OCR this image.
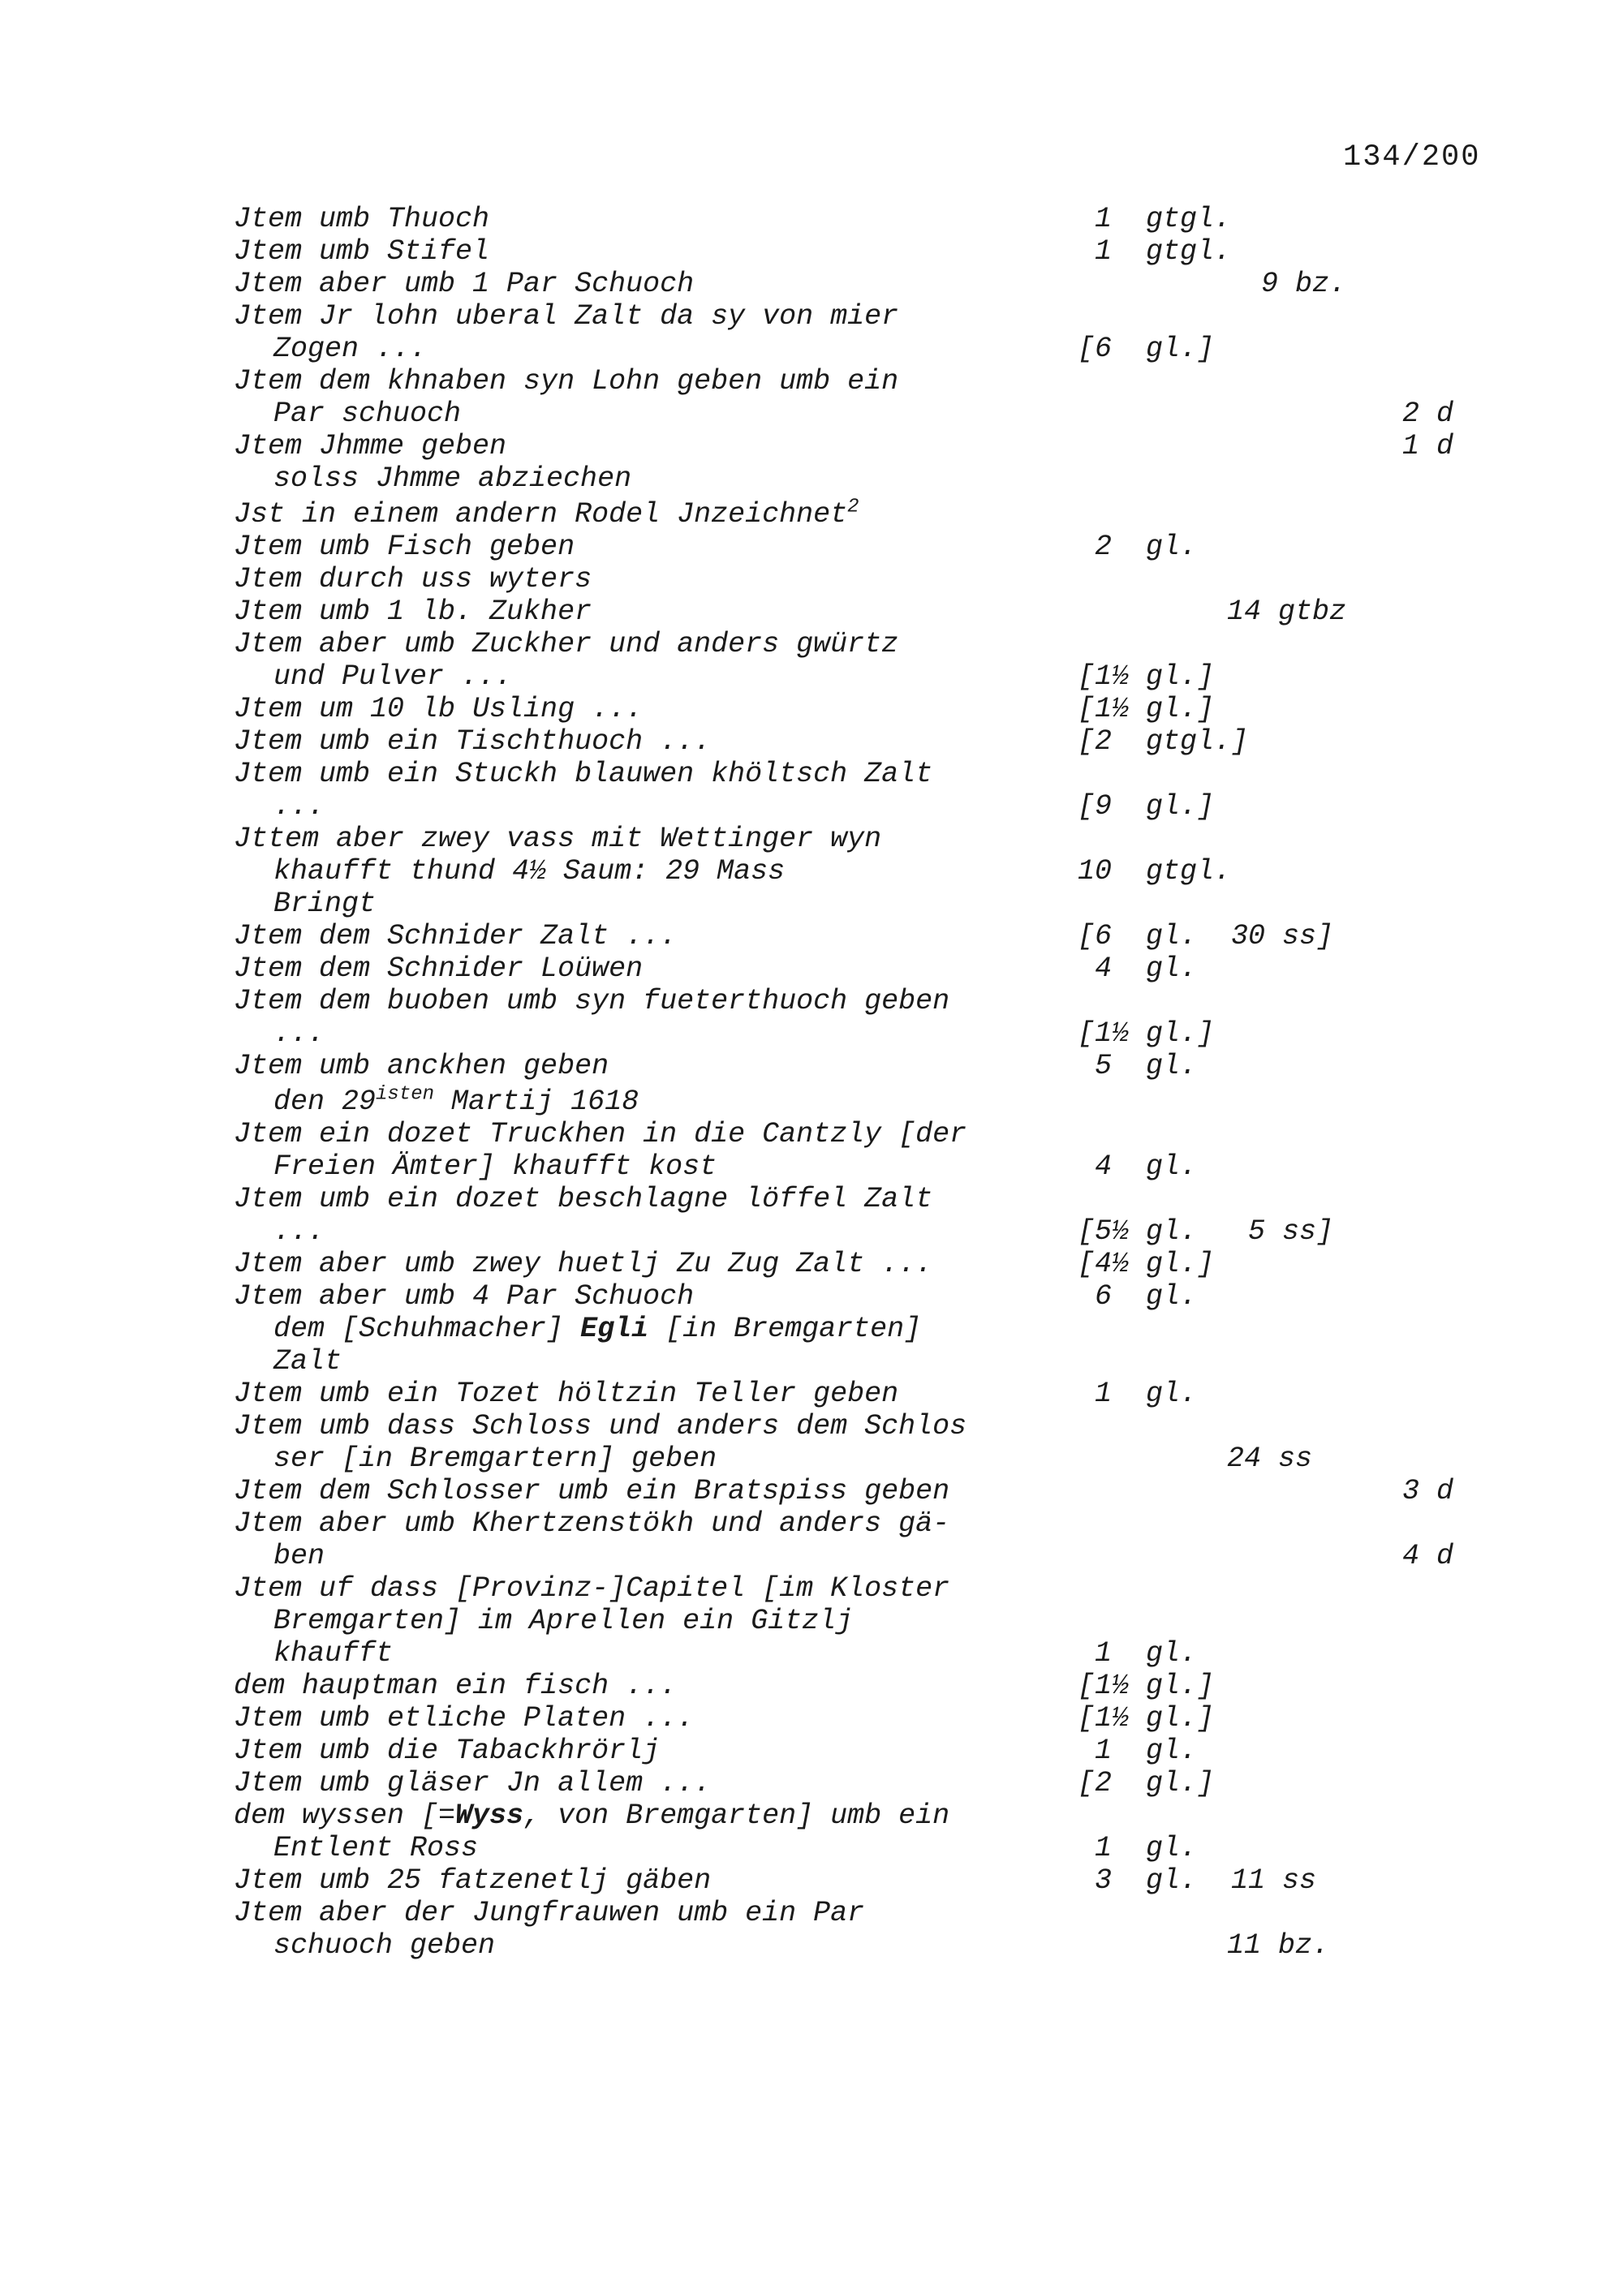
134/200
Jtem umb Thuoch	1  gtgl.
Jtem umb Stifel	1  gtgl.
Jtem aber umb 1 Par Schuoch	9 bz.
Jtem Jr lohn uberal Zalt da sy von mier
Zogen ...	[6  gl.]
Jtem dem khnaben syn Lohn geben umb ein
Par schuoch	2 d
Jtem Jhmme geben	1 d
solss Jhmme abziechen
Jst in einem andern Rodel Jnzeichnet$^2$
Jtem umb Fisch geben	2  gl.
Jtem durch uss wyters
Jtem umb 1 lb. Zukher	14 gtbz
Jtem aber umb Zuckher und anders gwürtz
und Pulver ...	[1½ gl.]
Jtem um 10 lb Usling ...	[1½ gl.]
Jtem umb ein Tischthuoch ...	[2  gtgl.]
Jtem umb ein Stuckh blauwen khöltsch Zalt
...	[9  gl.]
Jttem aber zwey vass mit Wettinger wyn
khaufft thund 4½ Saum: 29 Mass	10  gtgl.
Bringt
Jtem dem Schnider Zalt ...	[6  gl.  30 ss]
Jtem dem Schnider Loüwen	4  gl.
Jtem dem buoben umb syn fueterthuoch geben
...	[1½ gl.]
Jtem umb anckhen geben	5  gl.
den $29^{isten}$ Martij 1618
Jtem ein dozet Truckhen in die Cantzly [der
Freien Ämter] khaufft kost	4  gl.
Jtem umb ein dozet beschlagne löffel Zalt
...	[5½ gl.   5 ss]
Jtem aber umb zwey huetlj Zu Zug Zalt ...	[4½ gl.]
Jtem aber umb 4 Par Schuoch	6  gl.
dem [Schuhmacher] Egli [in Bremgarten]
Zalt
Jtem umb ein Tozet höltzin Teller geben	1  gl.
Jtem umb dass Schloss und anders dem Schlos
ser [in Bremgartern] geben	24 ss
Jtem dem Schlosser umb ein Bratspiss geben	3 d
Jtem aber umb Khertzenstökh und anders gä-
ben	4 d
Jtem uf dass [Provinz-]Capitel [im Kloster
Bremgarten] im Aprellen ein Gitzlj
khaufft	1  gl.
dem hauptman ein fisch ...	[1½ gl.]
Jtem umb etliche Platen ...	[1½ gl.]
Jtem umb die Tabackhrörlj	1  gl.
Jtem umb gläser Jn allem ...	[2  gl.]
dem wyssen [=Wyss, von Bremgarten] umb ein
Entlent Ross	1  gl.
Jtem umb 25 fatzenetlj gäben	3  gl.  11 ss
Jtem aber der Jungfrauwen umb ein Par
schuoch geben	11 bz.
